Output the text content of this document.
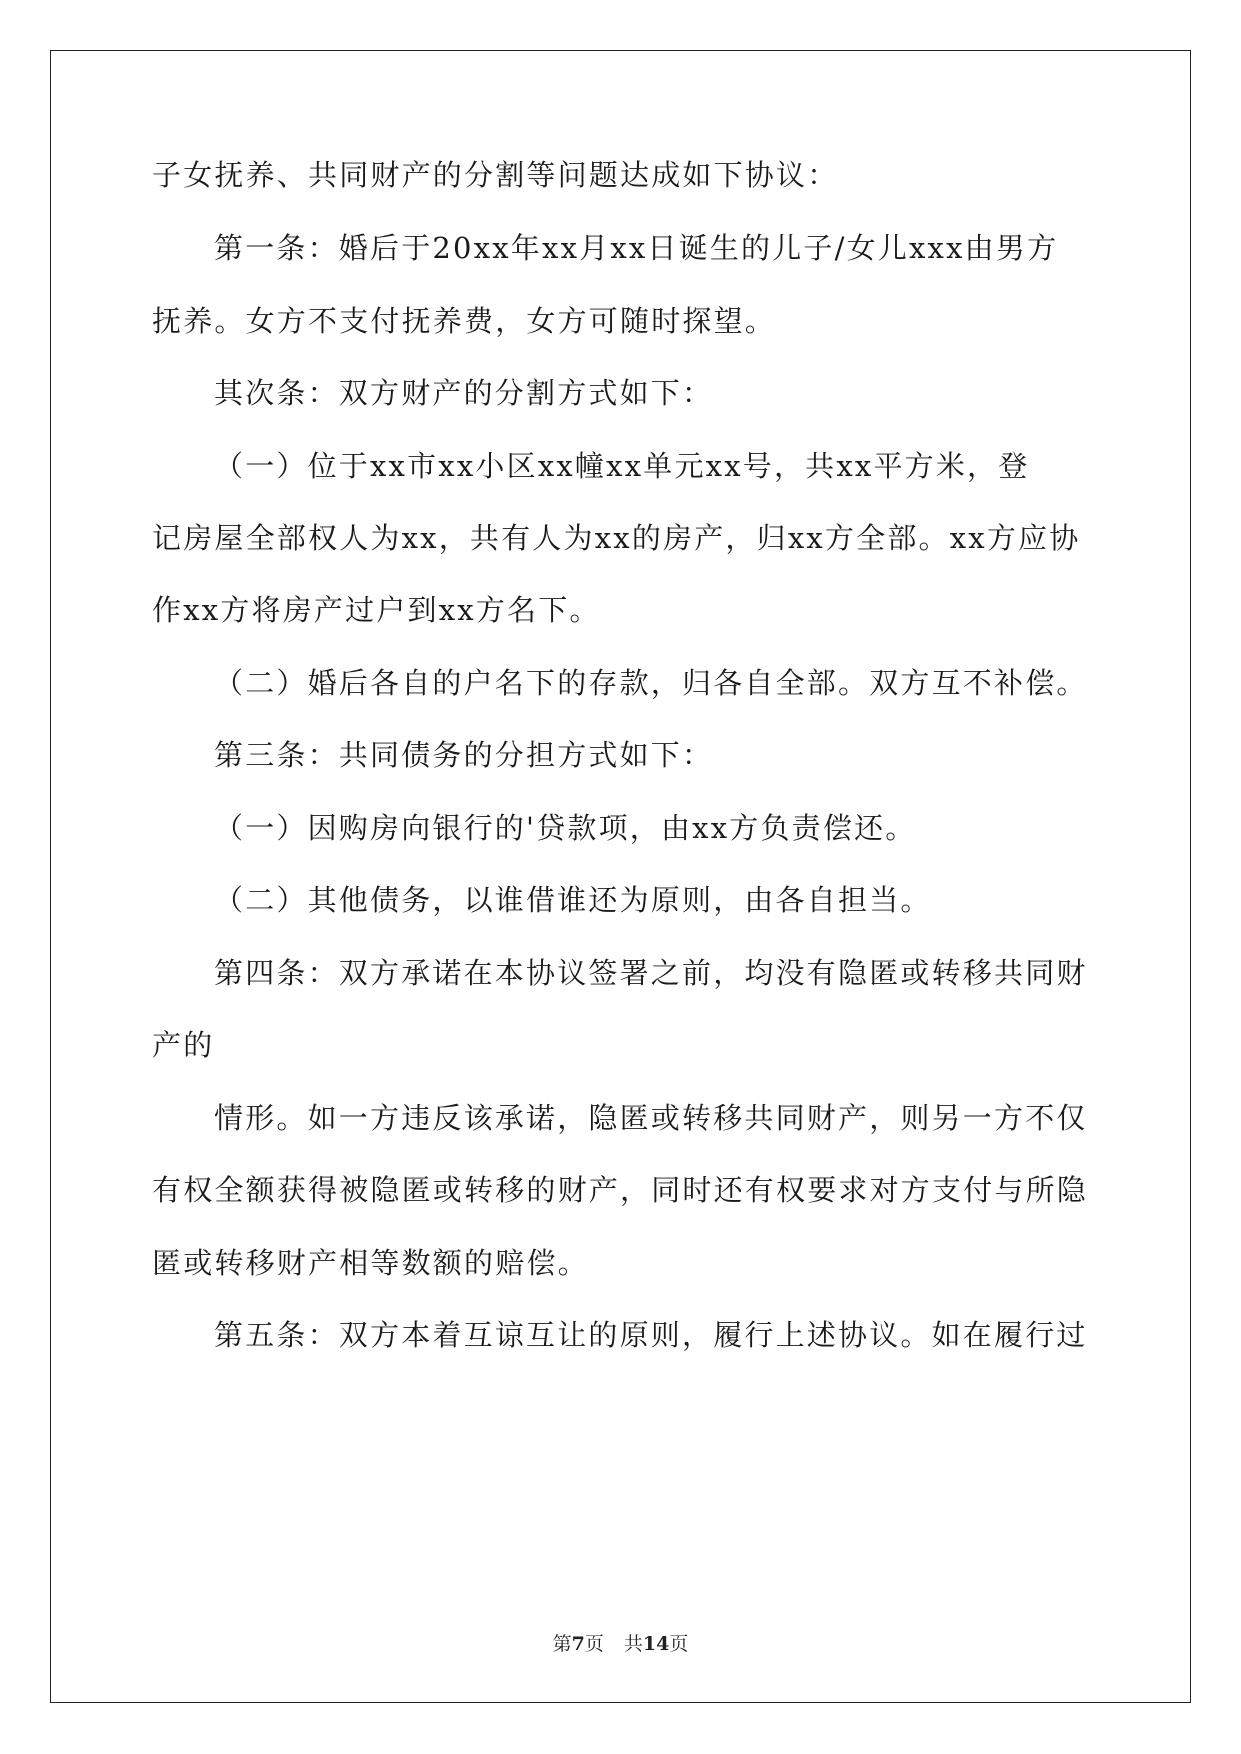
子女抚养、共同财产的分割等问题达成如下协议：
第一条：婚后于20xx年xx月xx日诞生的儿子/女儿xxx由男方
抚养。女方不支付抚养费，女方可随时探望。
其次条：双方财产的分割方式如下：
（一）位于xx市xx小区xx幢xx单元xx号，共xx平方米，登
记房屋全部权人为xx，共有人为xx的房产，归xx方全部。xx方应协
作xx方将房产过户到xx方名下。
（二）婚后各自的户名下的存款，归各自全部。双方互不补偿。
第三条：共同债务的分担方式如下：
（一）因购房向银行的'贷款项，由xx方负责偿还。
（二）其他债务，以谁借谁还为原则，由各自担当。
第四条：双方承诺在本协议签署之前，均没有隐匿或转移共同财
产的
情形。如一方违反该承诺，隐匿或转移共同财产，则另一方不仅
有权全额获得被隐匿或转移的财产，同时还有权要求对方支付与所隐
匿或转移财产相等数额的赔偿。
第五条：双方本着互谅互让的原则，履行上述协议。如在履行过
第7页 共14页
